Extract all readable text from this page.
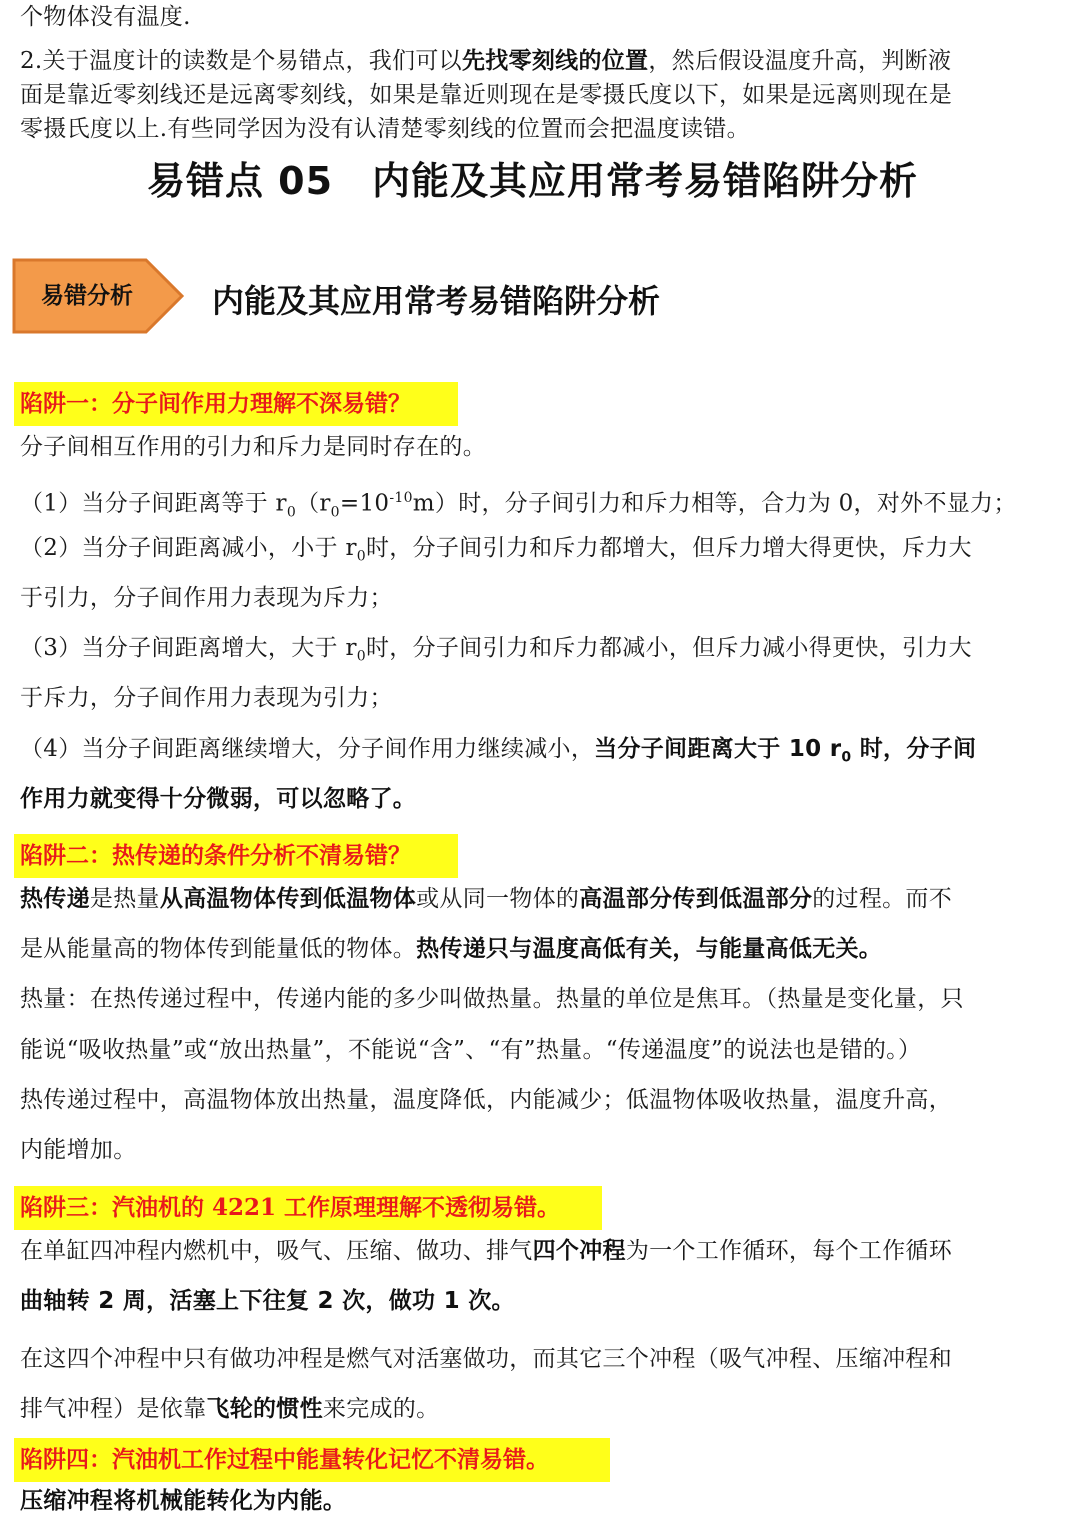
个物体没有温度.
2.关于温度计的读数是个易错点，我们可以先找零刻线的位置，然后假设温度升高，判断液
面是靠近零刻线还是远离零刻线，如果是靠近则现在是零摄氏度以下，如果是远离则现在是
零摄氏度以上.有些同学因为没有认清楚零刻线的位置而会把温度读错。
易错点 05　内能及其应用常考易错陷阱分析
易错分析	内能及其应用常考易错陷阱分析
陷阱一：分子间作用力理解不深易错？
分子间相互作用的引力和斥力是同时存在的。
（1）当分子间距离等于 $r_0(r_0=10^{-10}m)$时，分子间引力和斥力相等，合力为 0，对外不显力；
（2）当分子间距离减小，小于 $r_0$时，分子间引力和斥力都增大，但斥力增大得更快，斥力大
于引力，分子间作用力表现为斥力；
（3）当分子间距离增大，大于 $r_0$时，分子间引力和斥力都减小，但斥力减小得更快，引力大
于斥力，分子间作用力表现为引力；
（4）当分子间距离继续增大，分子间作用力继续减小，当分子间距离大于 10 $r_0$ 时，分子间
作用力就变得十分微弱，可以忽略了。
陷阱二：热传递的条件分析不清易错？
热传递是热量从高温物体传到低温物体或从同一物体的高温部分传到低温部分的过程。而不
是从能量高的物体传到能量低的物体。热传递只与温度高低有关，与能量高低无关。
热量：在热传递过程中，传递内能的多少叫做热量。热量的单位是焦耳。（热量是变化量，只
能说“吸收热量”或“放出热量”，不能说“含”、“有”热量。“传递温度”的说法也是错的。）
热传递过程中，高温物体放出热量，温度降低，内能减少；低温物体吸收热量，温度升高，
内能增加。
陷阱三：汽油机的 4221 工作原理理解不透彻易错。
在单缸四冲程内燃机中，吸气、压缩、做功、排气四个冲程为一个工作循环，每个工作循环
曲轴转 2 周，活塞上下往复 2 次，做功 1 次。
在这四个冲程中只有做功冲程是燃气对活塞做功，而其它三个冲程（吸气冲程、压缩冲程和
排气冲程）是依靠飞轮的惯性来完成的。
陷阱四：汽油机工作过程中能量转化记忆不清易错。
压缩冲程将机械能转化为内能。
